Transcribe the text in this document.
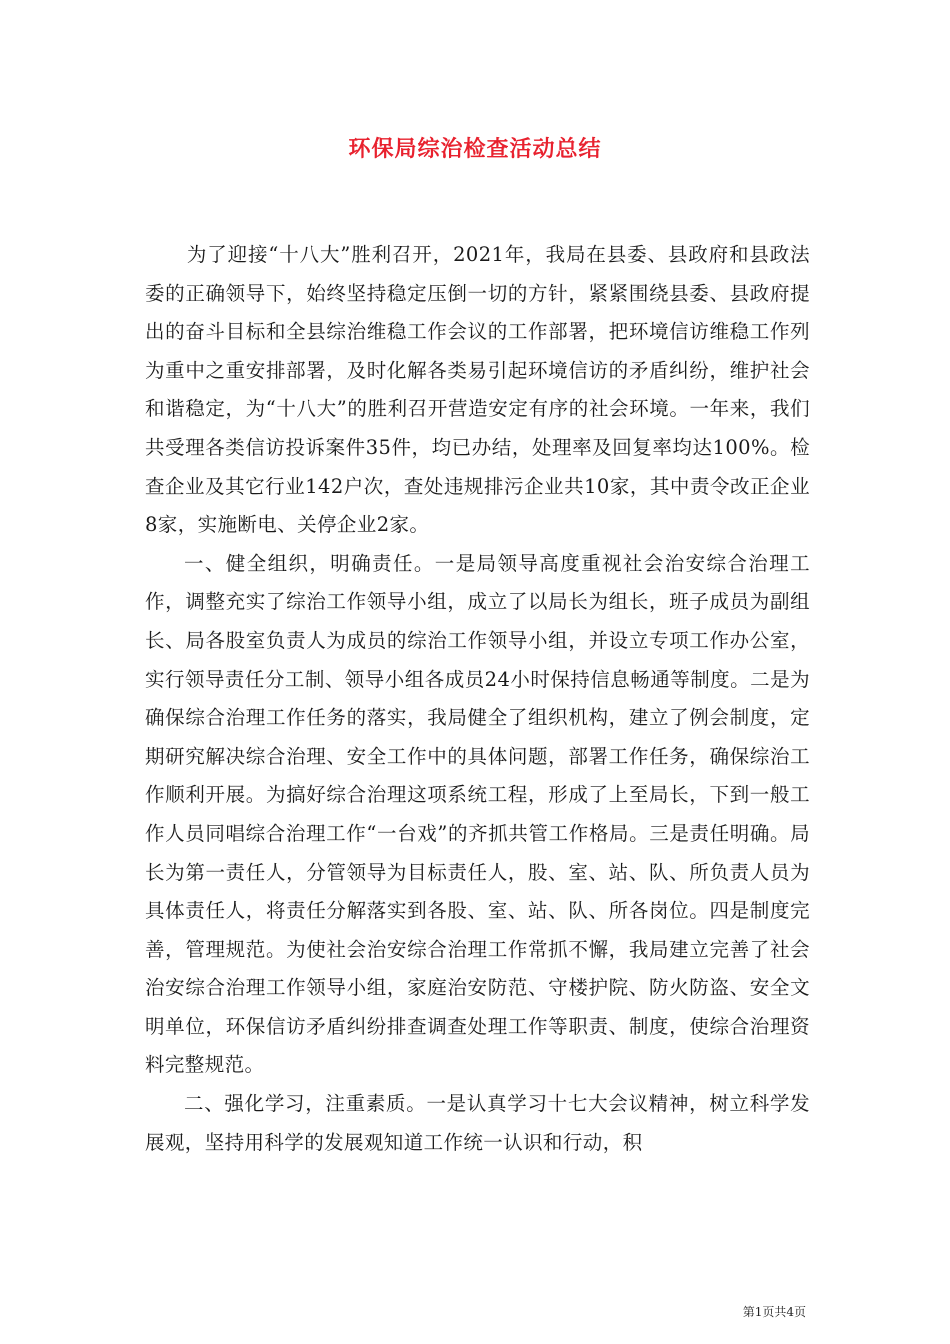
环保局综治检查活动总结

为了迎接“十八大”胜利召开，2021年，我局在县委、县政府和县政法委的正确领导下，始终坚持稳定压倒一切的方针，紧紧围绕县委、县政府提出的奋斗目标和全县综治维稳工作会议的工作部署，把环境信访维稳工作列为重中之重安排部署，及时化解各类易引起环境信访的矛盾纠纷，维护社会和谐稳定，为“十八大”的胜利召开营造安定有序的社会环境。一年来，我们共受理各类信访投诉案件35件，均已办结，处理率及回复率均达100%。检查企业及其它行业142户次，查处违规排污企业共10家，其中责令改正企业8家，实施断电、关停企业2家。

一、健全组织，明确责任。一是局领导高度重视社会治安综合治理工作，调整充实了综治工作领导小组，成立了以局长为组长，班子成员为副组长、局各股室负责人为成员的综治工作领导小组，并设立专项工作办公室，实行领导责任分工制、领导小组各成员24小时保持信息畅通等制度。二是为确保综合治理工作任务的落实，我局健全了组织机构，建立了例会制度，定期研究解决综合治理、安全工作中的具体问题，部署工作任务，确保综治工作顺利开展。为搞好综合治理这项系统工程，形成了上至局长，下到一般工作人员同唱综合治理工作“一台戏”的齐抓共管工作格局。三是责任明确。局长为第一责任人，分管领导为目标责任人，股、室、站、队、所负责人员为具体责任人，将责任分解落实到各股、室、站、队、所各岗位。四是制度完善，管理规范。为使社会治安综合治理工作常抓不懈，我局建立完善了社会治安综合治理工作领导小组，家庭治安防范、守楼护院、防火防盗、安全文明单位，环保信访矛盾纠纷排查调查处理工作等职责、制度，使综合治理资料完整规范。

二、强化学习，注重素质。一是认真学习十七大会议精神，树立科学发展观，坚持用科学的发展观知道工作统一认识和行动，积

第1页共4页
